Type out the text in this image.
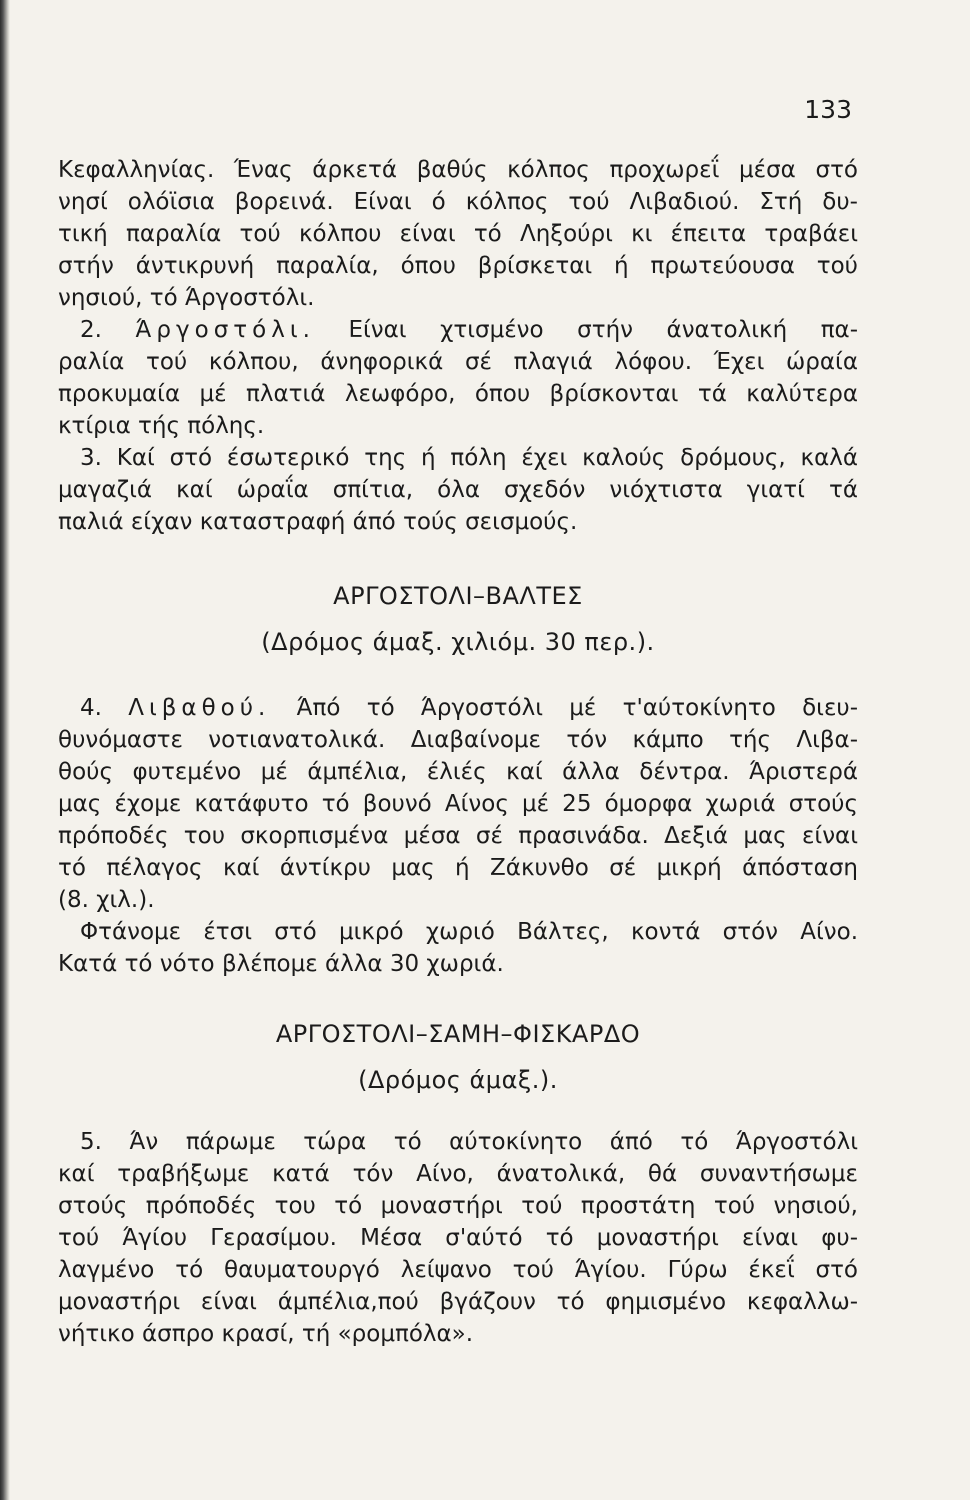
133
Κεφαλληνίας. Ένας άρκετά βαθύς κόλπος προχωρεΐ μέσα στό
νησί ολόϊσια βορεινά. Είναι ό κόλπος τού Λιβαδιού. Στή δυ-
τική παραλία τού κόλπου είναι τό Ληξούρι κι έπειτα τραβάει
στήν άντικρυνή παραλία, όπου βρίσκεται ή πρωτεύουσα τού
νησιού, τό Άργοστόλι.
2. Άργοστόλι. Είναι χτισμένο στήν άνατολική πα-
ραλία τού κόλπου, άνηφορικά σέ πλαγιά λόφου. Έχει ώραία
προκυμαία μέ πλατιά λεωφόρο, όπου βρίσκονται τά καλύτερα
κτίρια τής πόλης.
3. Καί στό έσωτερικό της ή πόλη έχει καλούς δρόμους, καλά
μαγαζιά καί ώραΐα σπίτια, όλα σχεδόν νιόχτιστα γιατί τά
παλιά είχαν καταστραφή άπό τούς σεισμούς.
ΑΡΓΟΣΤΟΛΙ–ΒΑΛΤΕΣ
(Δρόμος άμαξ. χιλιόμ. 30 περ.).
4. Λιβαθού. Άπό τό Άργοστόλι μέ τ'αύτοκίνητο διευ-
θυνόμαστε νοτιανατολικά. Διαβαίνομε τόν κάμπο τής Λιβα-
θούς φυτεμένο μέ άμπέλια, έλιές καί άλλα δέντρα. Άριστερά
μας έχομε κατάφυτο τό βουνό Αίνος μέ 25 όμορφα χωριά στούς
πρόποδές του σκορπισμένα μέσα σέ πρασινάδα. Δεξιά μας είναι
τό πέλαγος καί άντίκρυ μας ή Ζάκυνθο σέ μικρή άπόσταση
(8. χιλ.).
Φτάνομε έτσι στό μικρό χωριό Βάλτες, κοντά στόν Αίνο.
Κατά τό νότο βλέπομε άλλα 30 χωριά.
ΑΡΓΟΣΤΟΛΙ–ΣΑΜΗ–ΦΙΣΚΑΡΔΟ
(Δρόμος άμαξ.).
5. Άν πάρωμε τώρα τό αύτοκίνητο άπό τό Άργοστόλι
καί τραβήξωμε κατά τόν Αίνο, άνατολικά, θά συναντήσωμε
στούς πρόποδές του τό μοναστήρι τού προστάτη τού νησιού,
τού Άγίου Γερασίμου. Μέσα σ'αύτό τό μοναστήρι είναι φυ-
λαγμένο τό θαυματουργό λείψανο τού Άγίου. Γύρω έκεΐ στό
μοναστήρι είναι άμπέλια,πού βγάζουν τό φημισμένο κεφαλλω-
νήτικο άσπρο κρασί, τή «ρομπόλα».
